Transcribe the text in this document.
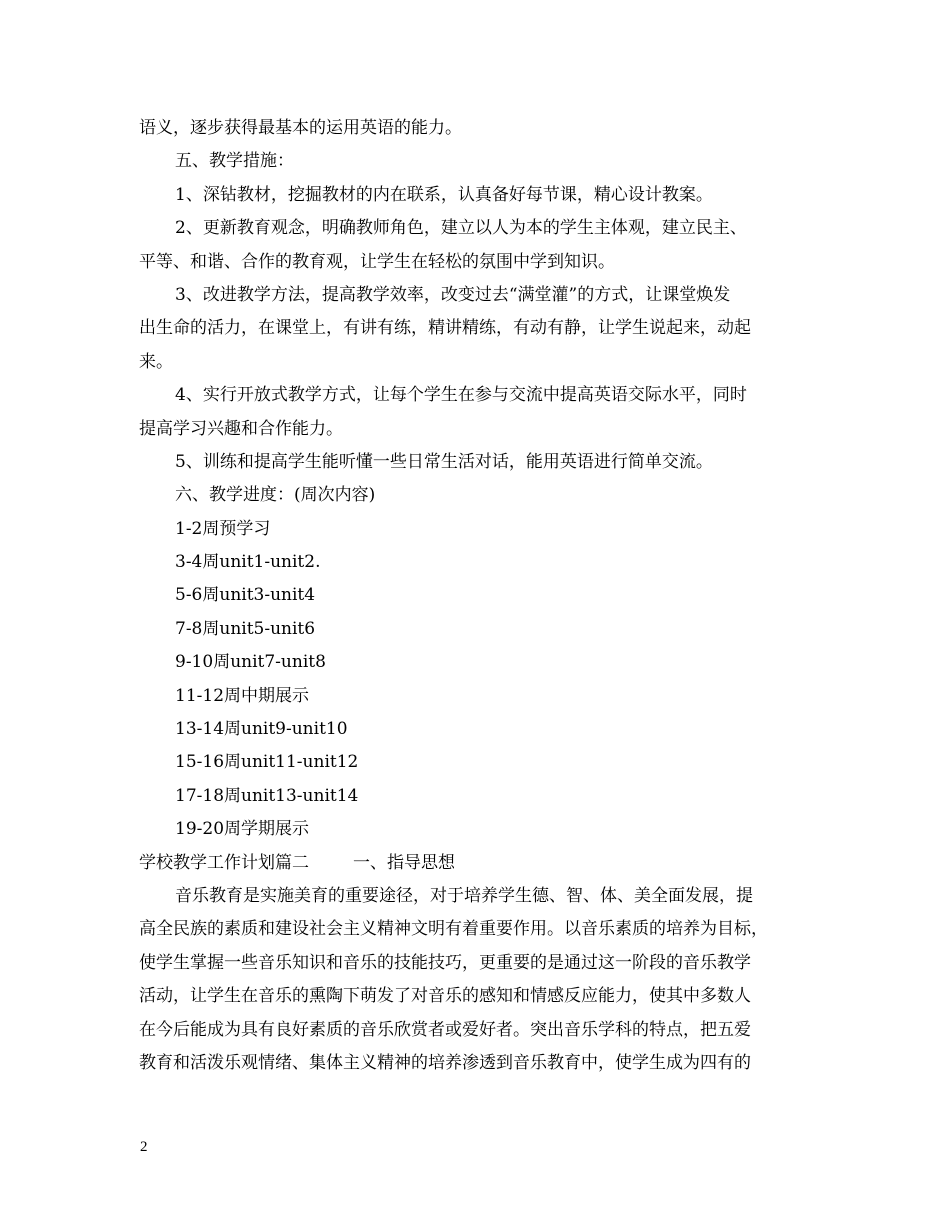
语义，逐步获得最基本的运用英语的能力。
五、教学措施：
1、深钻教材，挖掘教材的内在联系，认真备好每节课，精心设计教案。
2、更新教育观念，明确教师角色，建立以人为本的学生主体观，建立民主、
平等、和谐、合作的教育观，让学生在轻松的氛围中学到知识。
3、改进教学方法，提高教学效率，改变过去“满堂灌”的方式，让课堂焕发
出生命的活力，在课堂上，有讲有练，精讲精练，有动有静，让学生说起来，动起
来。
4、实行开放式教学方式，让每个学生在参与交流中提高英语交际水平，同时
提高学习兴趣和合作能力。
5、训练和提高学生能听懂一些日常生活对话，能用英语进行简单交流。
六、教学进度：(周次内容)
1-2周预学习
3-4周unit1-unit2.
5-6周unit3-unit4
7-8周unit5-unit6
9-10周unit7-unit8
11-12周中期展示
13-14周unit9-unit10
15-16周unit11-unit12
17-18周unit13-unit14
19-20周学期展示
学校教学工作计划篇二	一、指导思想
音乐教育是实施美育的重要途径，对于培养学生德、智、体、美全面发展，提
高全民族的素质和建设社会主义精神文明有着重要作用。以音乐素质的培养为目标，
使学生掌握一些音乐知识和音乐的技能技巧，更重要的是通过这一阶段的音乐教学
活动，让学生在音乐的熏陶下萌发了对音乐的感知和情感反应能力，使其中多数人
在今后能成为具有良好素质的音乐欣赏者或爱好者。突出音乐学科的特点，把五爱
教育和活泼乐观情绪、集体主义精神的培养渗透到音乐教育中，使学生成为四有的
2
